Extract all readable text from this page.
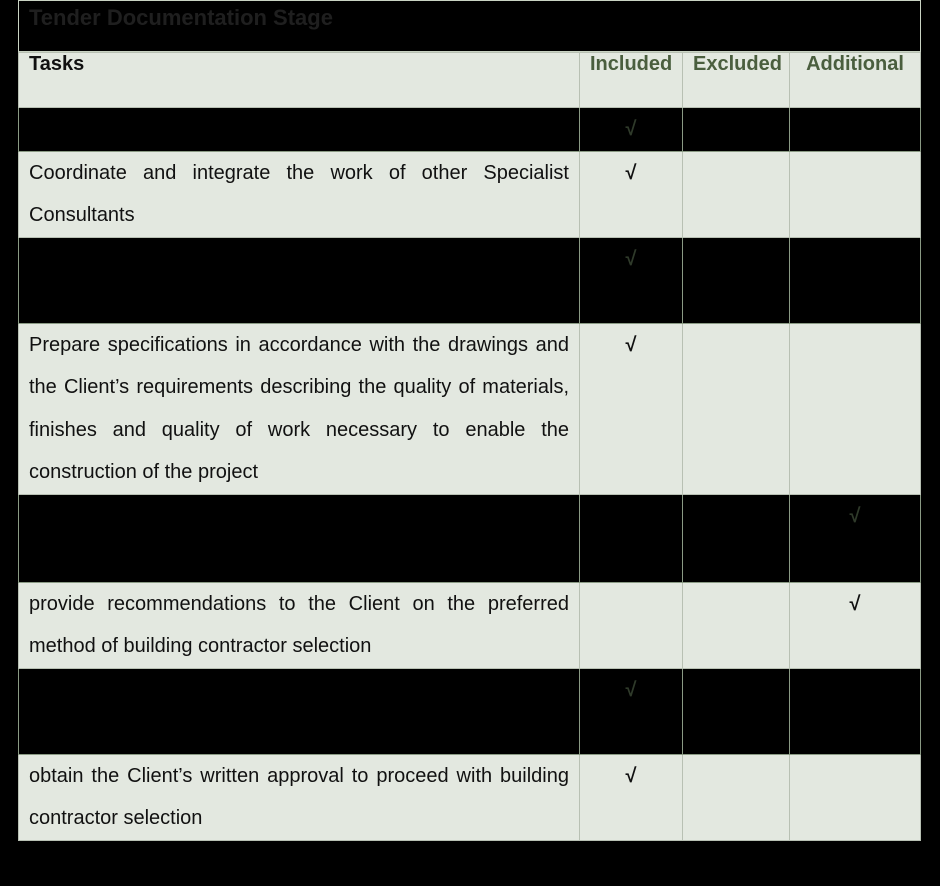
Tender Documentation Stage
Tasks	Included	Excluded	Additional
	√		
Coordinate and integrate the work of other Specialist Consultants	√		
	√		
Prepare specifications in accordance with the drawings and the Client’s requirements describing the quality of materials, finishes and quality of work necessary to enable the construction of the project	√		
			√
provide recommendations to the Client on the preferred method of building contractor selection			√
	√		
obtain the Client’s written approval to proceed with building contractor selection	√		
